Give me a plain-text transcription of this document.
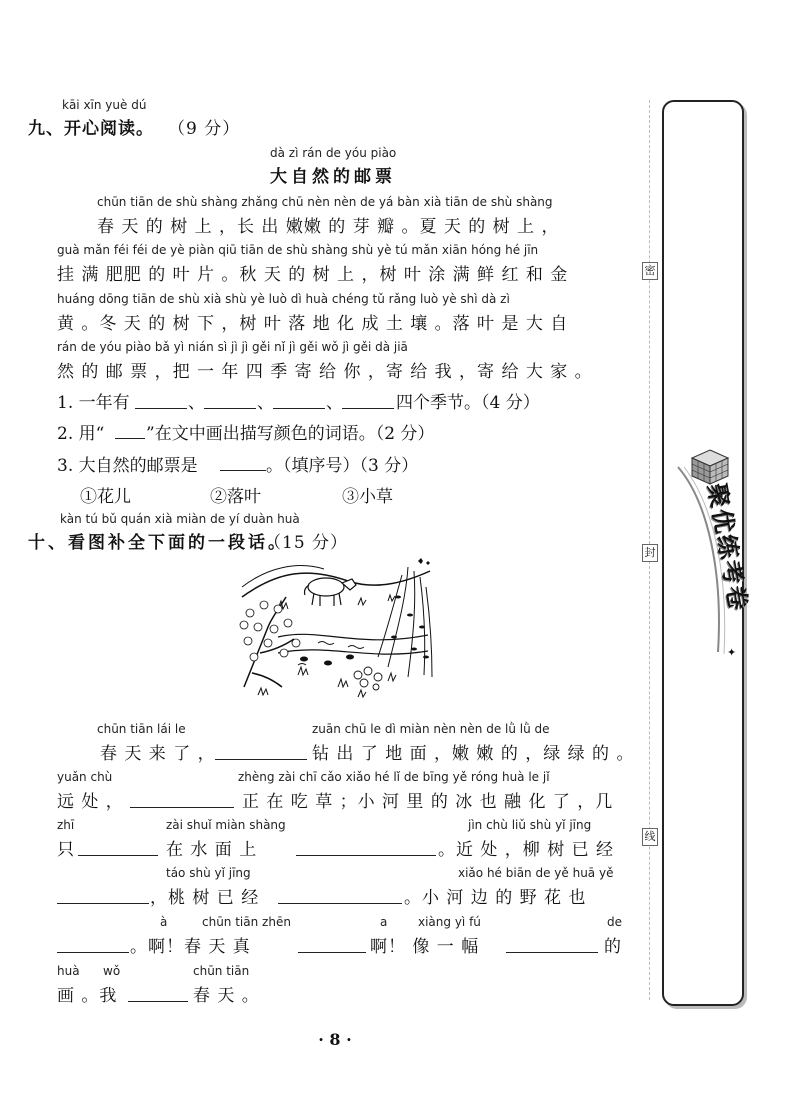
密
封
线
聚优练考卷
✦
kāi xīn yuè dú
九、开心阅读。 （9 分）
dà zì rán de yóu piào
大自然的邮票
chūn tiān de shù shàng zhǎng chū nèn nèn de yá bàn xià tiān de shù shàng
春 天 的 树 上 ，长 出 嫩嫩 的 芽 瓣 。夏 天 的 树 上 ，
guà mǎn féi féi de yè piàn qiū tiān de shù shàng shù yè tú mǎn xiān hóng hé jīn
挂 满 肥肥 的 叶 片 。秋 天 的 树 上 ，树 叶 涂 满 鲜 红 和 金
huáng dōng tiān de shù xià shù yè luò dì huà chéng tǔ rǎng luò yè shì dà zì
黄 。冬 天 的 树 下 ，树 叶 落 地 化 成 土 壤 。落 叶 是 大 自
rán de yóu piào bǎ yì nián sì jì jì gěi nǐ jì gěi wǒ jì gěi dà jiā
然 的 邮 票 ，把 一 年 四 季 寄 给 你 ，寄 给 我 ，寄 给 大 家 。
1. 一年有	、	、	、	四个季节。（4 分）
2. 用“ ”在文中画出描写颜色的词语。（2 分）
3. 大自然的邮票是	。（填序号）（3 分）
①花儿	②落叶	③小草
kàn tú bǔ quán xià miàn de yí duàn huà
十、看图补全下面的一段话。
（15 分）
chūn tiān lái le	zuān chū le dì miàn nèn nèn de lǜ lǜ de
春 天 来 了 ，	钻 出 了 地 面 ，嫩 嫩 的 ，绿 绿 的 。
yuǎn chù	zhèng zài chī cǎo xiǎo hé lǐ de bīng yě róng huà le jǐ
远 处 ，	正 在 吃 草 ；小 河 里 的 冰 也 融 化 了 ，几
zhī	zài shuǐ miàn shàng	jìn chù liǔ shù yǐ jīng
只	在 水 面 上	。近 处 ，柳 树 已 经
táo shù yǐ jīng	xiǎo hé biān de yě huā yě
，桃 树 已 经	。小 河 边 的 野 花 也
à	chūn tiān zhēn	a	xiàng yì fú	de
。啊！春 天 真	啊！ 像 一 幅	的
huà wǒ	chūn tiān
画 。我	春 天 。
· 8 ·
